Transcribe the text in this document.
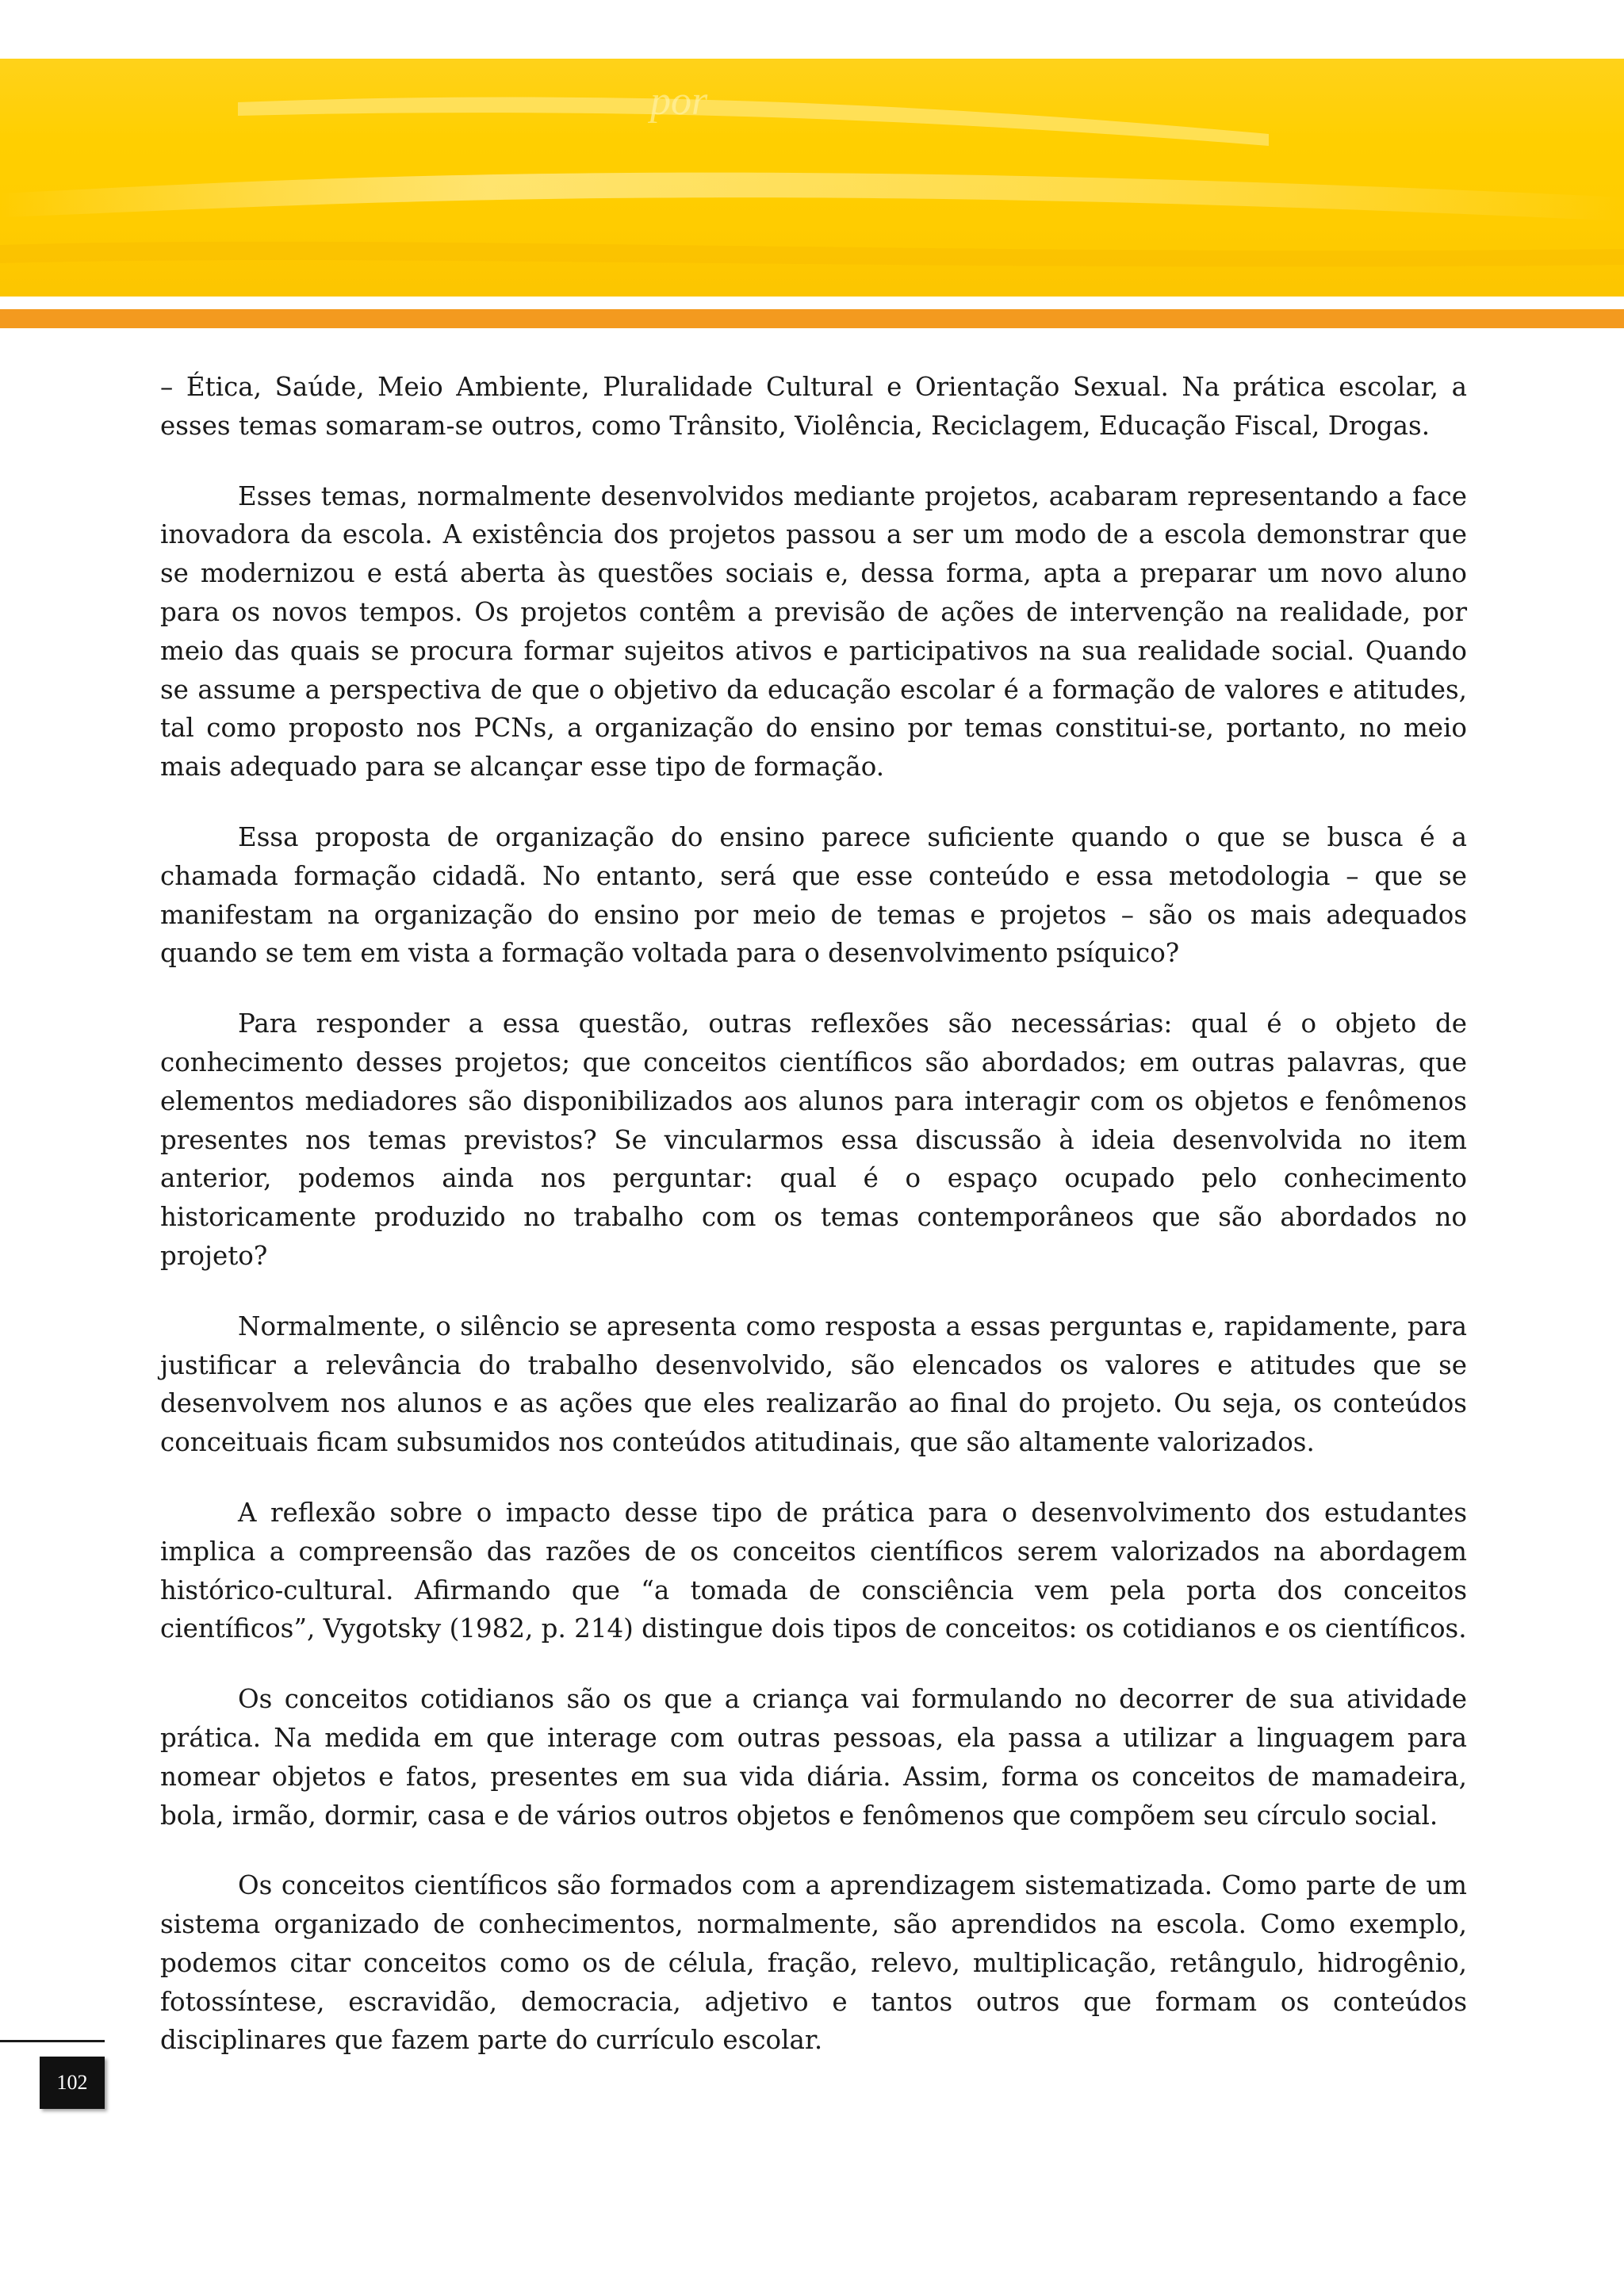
por

– Ética, Saúde, Meio Ambiente, Pluralidade Cultural e Orientação Sexual. Na prática escolar, a esses temas somaram-se outros, como Trânsito, Violência, Reciclagem, Educação Fiscal, Drogas.

Esses temas, normalmente desenvolvidos mediante projetos, acabaram representando a face inovadora da escola. A existência dos projetos passou a ser um modo de a escola demonstrar que se modernizou e está aberta às questões sociais e, dessa forma, apta a preparar um novo aluno para os novos tempos. Os projetos contêm a previsão de ações de intervenção na realidade, por meio das quais se procura formar sujeitos ativos e participativos na sua realidade social. Quando se assume a perspectiva de que o objetivo da educação escolar é a formação de valores e atitudes, tal como proposto nos PCNs, a organização do ensino por temas constitui-se, portanto, no meio mais adequado para se alcançar esse tipo de formação.

Essa proposta de organização do ensino parece suficiente quando o que se busca é a chamada formação cidadã. No entanto, será que esse conteúdo e essa metodologia – que se manifestam na organização do ensino por meio de temas e projetos – são os mais adequados quando se tem em vista a formação voltada para o desenvolvimento psíquico?

Para responder a essa questão, outras reflexões são necessárias: qual é o objeto de conhecimento desses projetos; que conceitos científicos são abordados; em outras palavras, que elementos mediadores são disponibilizados aos alunos para interagir com os objetos e fenômenos presentes nos temas previstos? Se vincularmos essa discussão à ideia desenvolvida no item anterior, podemos ainda nos perguntar: qual é o espaço ocupado pelo conhecimento historicamente produzido no trabalho com os temas contemporâneos que são abordados no projeto?

Normalmente, o silêncio se apresenta como resposta a essas perguntas e, rapidamente, para justificar a relevância do trabalho desenvolvido, são elencados os valores e atitudes que se desenvolvem nos alunos e as ações que eles realizarão ao final do projeto. Ou seja, os conteúdos conceituais ficam subsumidos nos conteúdos atitudinais, que são altamente valorizados.

A reflexão sobre o impacto desse tipo de prática para o desenvolvimento dos estudantes implica a compreensão das razões de os conceitos científicos serem valorizados na abordagem histórico-cultural. Afirmando que “a tomada de consciência vem pela porta dos conceitos científicos”, Vygotsky (1982, p. 214) distingue dois tipos de conceitos: os cotidianos e os científicos.

Os conceitos cotidianos são os que a criança vai formulando no decorrer de sua atividade prática. Na medida em que interage com outras pessoas, ela passa a utilizar a linguagem para nomear objetos e fatos, presentes em sua vida diária. Assim, forma os conceitos de mamadeira, bola, irmão, dormir, casa e de vários outros objetos e fenômenos que compõem seu círculo social.

Os conceitos científicos são formados com a aprendizagem sistematizada. Como parte de um sistema organizado de conhecimentos, normalmente, são aprendidos na escola. Como exemplo, podemos citar conceitos como os de célula, fração, relevo, multiplicação, retângulo, hidrogênio, fotossíntese, escravidão, democracia, adjetivo e tantos outros que formam os conteúdos disciplinares que fazem parte do currículo escolar.

102
